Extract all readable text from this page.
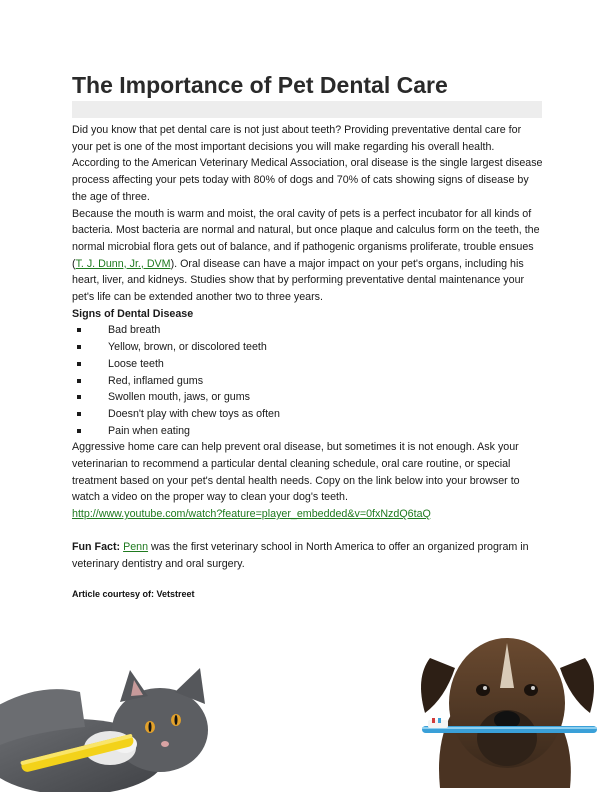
The Importance of Pet Dental Care

Did you know that pet dental care is not just about teeth? Providing preventative dental care for your pet is one of the most important decisions you will make regarding his overall health. According to the American Veterinary Medical Association, oral disease is the single largest disease process affecting your pets today with 80% of dogs and 70% of cats showing signs of disease by the age of three.

Because the mouth is warm and moist, the oral cavity of pets is a perfect incubator for all kinds of bacteria. Most bacteria are normal and natural, but once plaque and calculus form on the teeth, the normal microbial flora gets out of balance, and if pathogenic organisms proliferate, trouble ensues (T. J. Dunn, Jr., DVM). Oral disease can have a major impact on your pet's organs, including his heart, liver, and kidneys. Studies show that by performing preventative dental maintenance your pet's life can be extended another two to three years.

Signs of Dental Disease

Bad breath
Yellow, brown, or discolored teeth
Loose teeth
Red, inflamed gums
Swollen mouth, jaws, or gums
Doesn't play with chew toys as often
Pain when eating

Aggressive home care can help prevent oral disease, but sometimes it is not enough. Ask your veterinarian to recommend a particular dental cleaning schedule, oral care routine, or special treatment based on your pet's dental health needs. Copy on the link below into your browser to watch a video on the proper way to clean your dog's teeth.

http://www.youtube.com/watch?feature=player_embedded&v=0fxNzdQ6taQ

Fun Fact: Penn was the first veterinary school in North America to offer an organized program in veterinary dentistry and oral surgery.

Article courtesy of: Vetstreet
